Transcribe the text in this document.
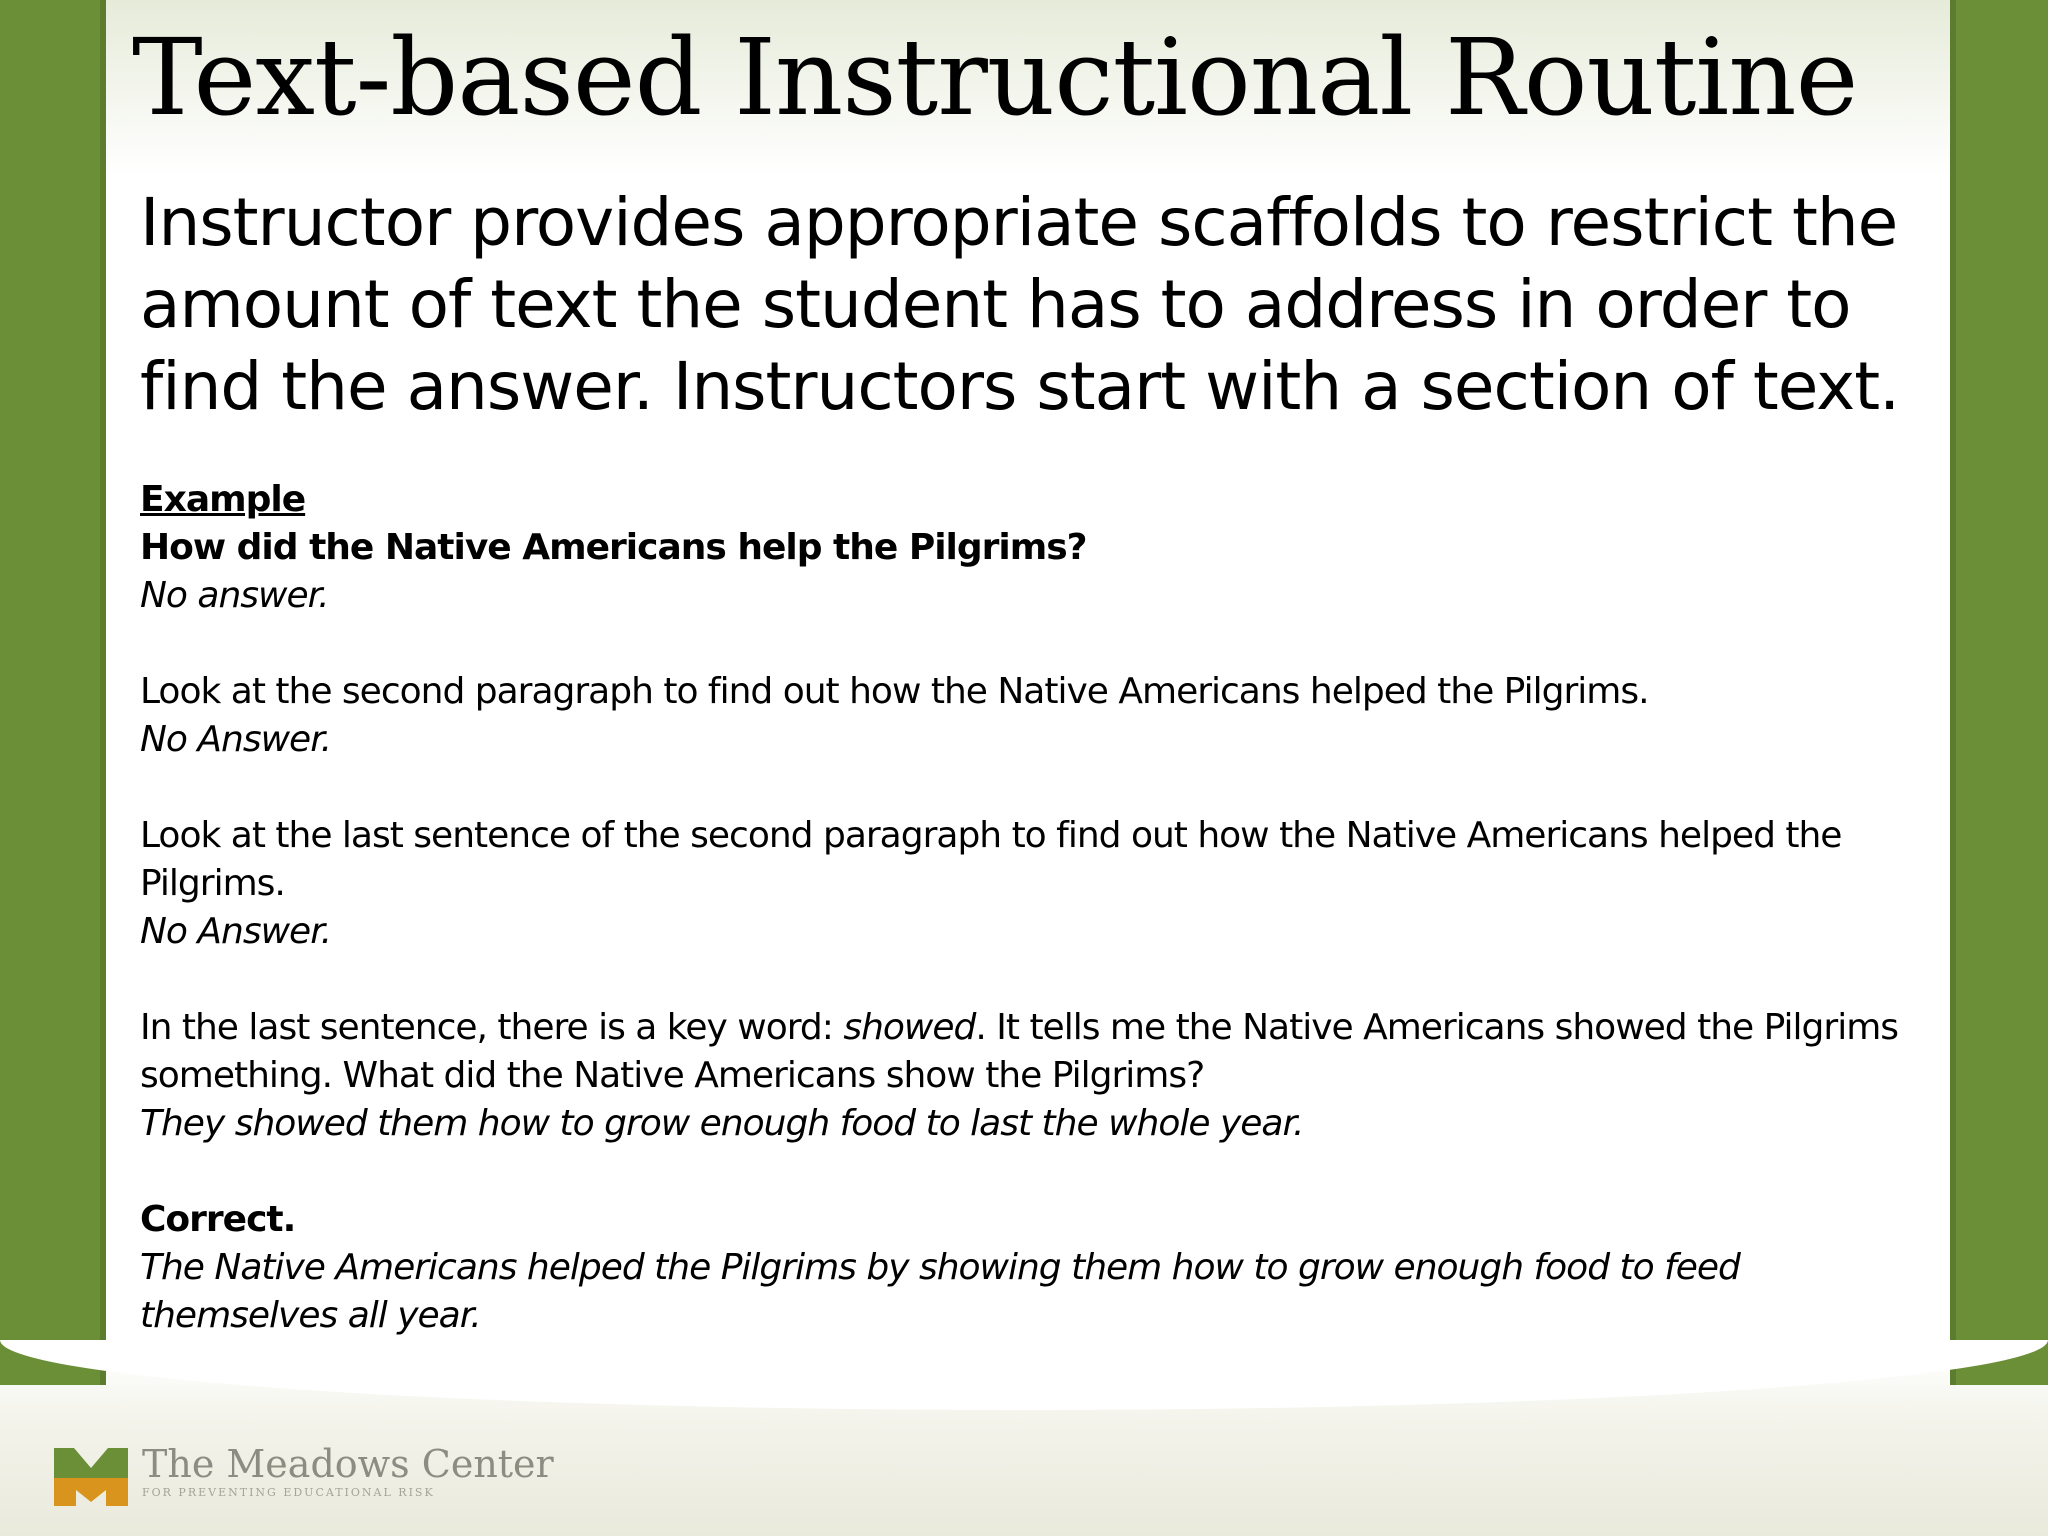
Text-based Instructional Routine

Instructor provides appropriate scaffolds to restrict the amount of text the student has to address in order to find the answer. Instructors start with a section of text.

Example

How did the Native Americans help the Pilgrims?

No answer.

Look at the second paragraph to find out how the Native Americans helped the Pilgrims.

No Answer.

Look at the last sentence of the second paragraph to find out how the Native Americans helped the Pilgrims.

No Answer.

In the last sentence, there is a key word: showed. It tells me the Native Americans showed the Pilgrims something. What did the Native Americans show the Pilgrims?

They showed them how to grow enough food to last the whole year.

Correct.

The Native Americans helped the Pilgrims by showing them how to grow enough food to feed themselves all year.

The Meadows Center
FOR PREVENTING EDUCATIONAL RISK
